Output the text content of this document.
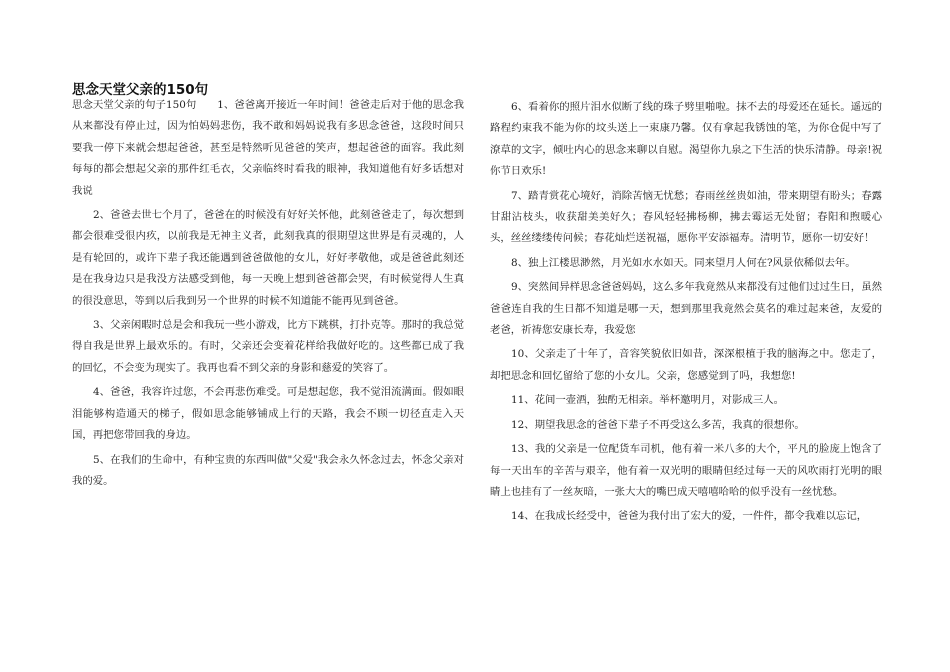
思念天堂父亲的150句

思念天堂父亲的句子150句　　1、爸爸离开接近一年时间！爸爸走后对于他的思念我从来都没有停止过，因为怕妈妈悲伤，我不敢和妈妈说我有多思念爸爸，这段时间只要我一停下来就会想起爸爸，甚至是特然听见爸爸的笑声，想起爸爸的面容。我此刻每每的都会想起父亲的那件红毛衣，父亲临终时看我的眼神，我知道他有好多话想对我说

2、爸爸去世七个月了，爸爸在的时候没有好好关怀他，此刻爸爸走了，每次想到都会很难受很内疚，以前我是无神主义者，此刻我真的很期望这世界是有灵魂的，人是有轮回的，或许下辈子我还能遇到爸爸做他的女儿，好好孝敬他，或是爸爸此刻还是在我身边只是我没方法感受到他，每一天晚上想到爸爸都会哭，有时候觉得人生真的很没意思，等到以后我到另一个世界的时候不知道能不能再见到爸爸。

3、父亲闲暇时总是会和我玩一些小游戏，比方下跳棋，打扑克等。那时的我总觉得自我是世界上最欢乐的。有时，父亲还会变着花样给我做好吃的。这些都已成了我的回忆，不会变为现实了。我再也看不到父亲的身影和慈爱的笑容了。

4、爸爸，我容许过您，不会再悲伤难受。可是想起您，我不觉泪流满面。假如眼泪能够构造通天的梯子，假如思念能够铺成上行的天路，我会不顾一切径直走入天国，再把您带回我的身边。

5、在我们的生命中，有种宝贵的东西叫做"父爱"我会永久怀念过去，怀念父亲对我的爱。

6、看着你的照片泪水似断了线的珠子劈里啪啦。抹不去的母爱还在延长。遥远的路程约束我不能为你的坟头送上一束康乃馨。仅有拿起我锈蚀的笔，为你仓促中写了潦草的文字，倾吐内心的思念来聊以自慰。渴望你九泉之下生活的快乐清静。母亲!祝你节日欢乐!

7、踏青赏花心境好，消除苦恼无忧愁；春雨丝丝贵如油，带来期望有盼头；春露甘甜沾枝头，收获甜美美好久；春风轻轻拂杨柳，拂去霉运无处留；春阳和煦暖心头，丝丝缕缕传问候；春花灿烂送祝福，愿你平安添福寿。清明节，愿你一切安好！

8、独上江楼思渺然，月光如水水如天。同来望月人何在?风景依稀似去年。

9、突然间异样思念爸爸妈妈，这么多年我竟然从来都没有过他们过过生日，虽然爸爸连自我的生日都不知道是哪一天，想到那里我竟然会莫名的难过起来爸，友爱的老爸，祈祷您安康长寿，我爱您

10、父亲走了十年了，音容笑貌依旧如昔，深深根植于我的脑海之中。您走了，却把思念和回忆留给了您的小女儿。父亲，您感觉到了吗，我想您!

11、花间一壶酒，独酌无相亲。举杯邀明月，对影成三人。

12、期望我思念的爸爸下辈子不再受这么多苦，我真的很想你。

13、我的父亲是一位配货车司机，他有着一米八多的大个，平凡的脸庞上饱含了每一天出车的辛苦与艰辛，他有着一双光明的眼睛但经过每一天的风吹雨打光明的眼睛上也挂有了一丝灰暗，一张大大的嘴巴成天嘻嘻哈哈的似乎没有一丝忧愁。

14、在我成长经受中，爸爸为我付出了宏大的爱，一件件，都令我难以忘记，
